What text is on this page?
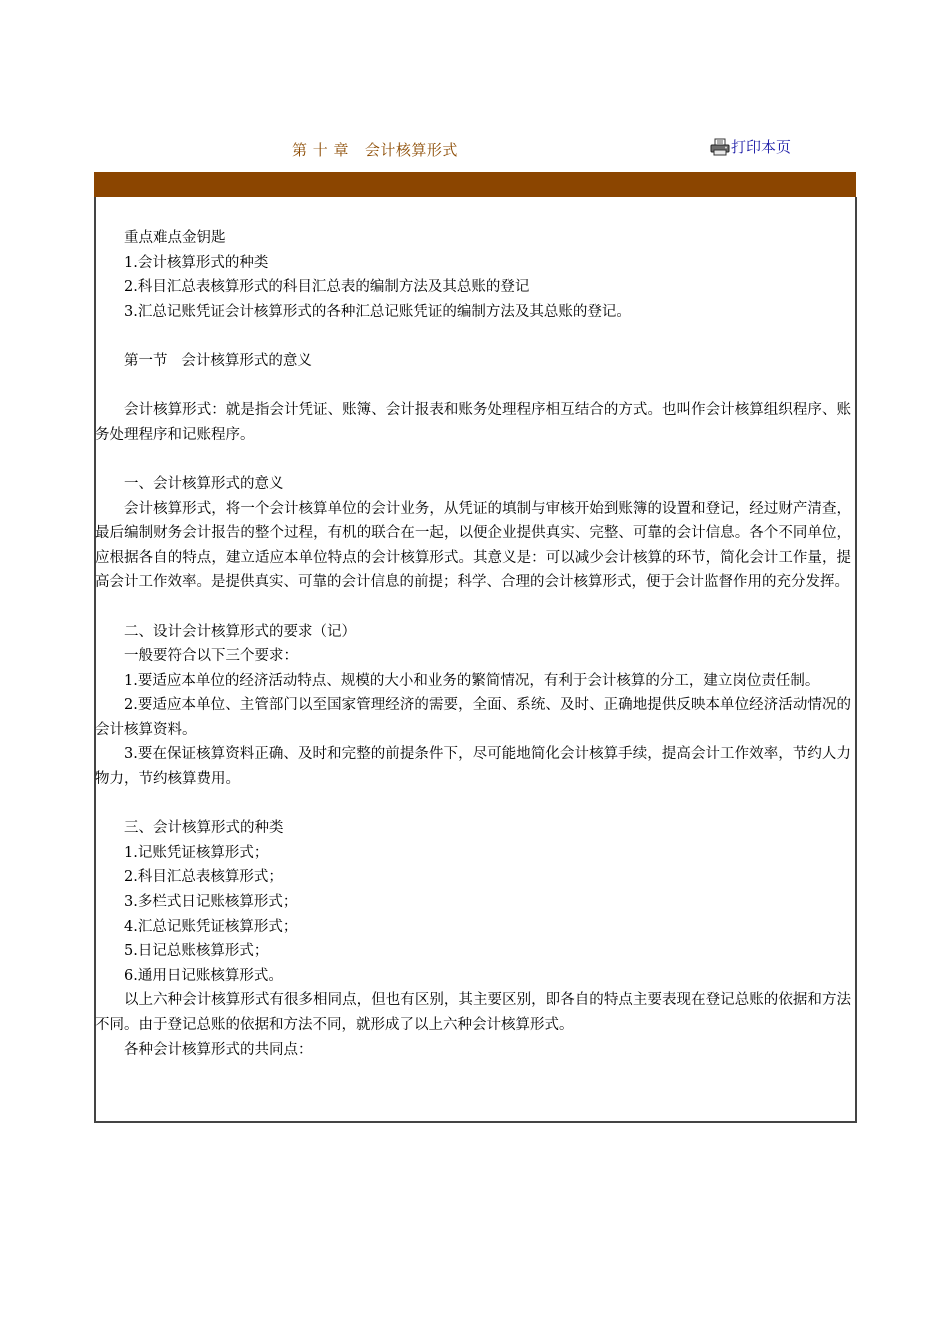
第 十 章   会计核算形式	打印本页

重点难点金钥匙

1.会计核算形式的种类

2.科目汇总表核算形式的科目汇总表的编制方法及其总账的登记

3.汇总记账凭证会计核算形式的各种汇总记账凭证的编制方法及其总账的登记。

第一节   会计核算形式的意义

会计核算形式：就是指会计凭证、账簿、会计报表和账务处理程序相互结合的方式。也叫作会计核算组织程序、账务处理程序和记账程序。

一、会计核算形式的意义

会计核算形式，将一个会计核算单位的会计业务，从凭证的填制与审核开始到账簿的设置和登记，经过财产清查，最后编制财务会计报告的整个过程，有机的联合在一起，以便企业提供真实、完整、可靠的会计信息。各个不同单位，应根据各自的特点，建立适应本单位特点的会计核算形式。其意义是：可以减少会计核算的环节，简化会计工作量，提高会计工作效率。是提供真实、可靠的会计信息的前提；科学、合理的会计核算形式，便于会计监督作用的充分发挥。

二、设计会计核算形式的要求（记）

一般要符合以下三个要求：

1.要适应本单位的经济活动特点、规模的大小和业务的繁简情况，有利于会计核算的分工，建立岗位责任制。

2.要适应本单位、主管部门以至国家管理经济的需要，全面、系统、及时、正确地提供反映本单位经济活动情况的会计核算资料。

3.要在保证核算资料正确、及时和完整的前提条件下，尽可能地简化会计核算手续，提高会计工作效率，节约人力物力，节约核算费用。

三、会计核算形式的种类

1.记账凭证核算形式；

2.科目汇总表核算形式；

3.多栏式日记账核算形式；

4.汇总记账凭证核算形式；

5.日记总账核算形式；

6.通用日记账核算形式。

以上六种会计核算形式有很多相同点，但也有区别，其主要区别，即各自的特点主要表现在登记总账的依据和方法不同。由于登记总账的依据和方法不同，就形成了以上六种会计核算形式。

各种会计核算形式的共同点：
